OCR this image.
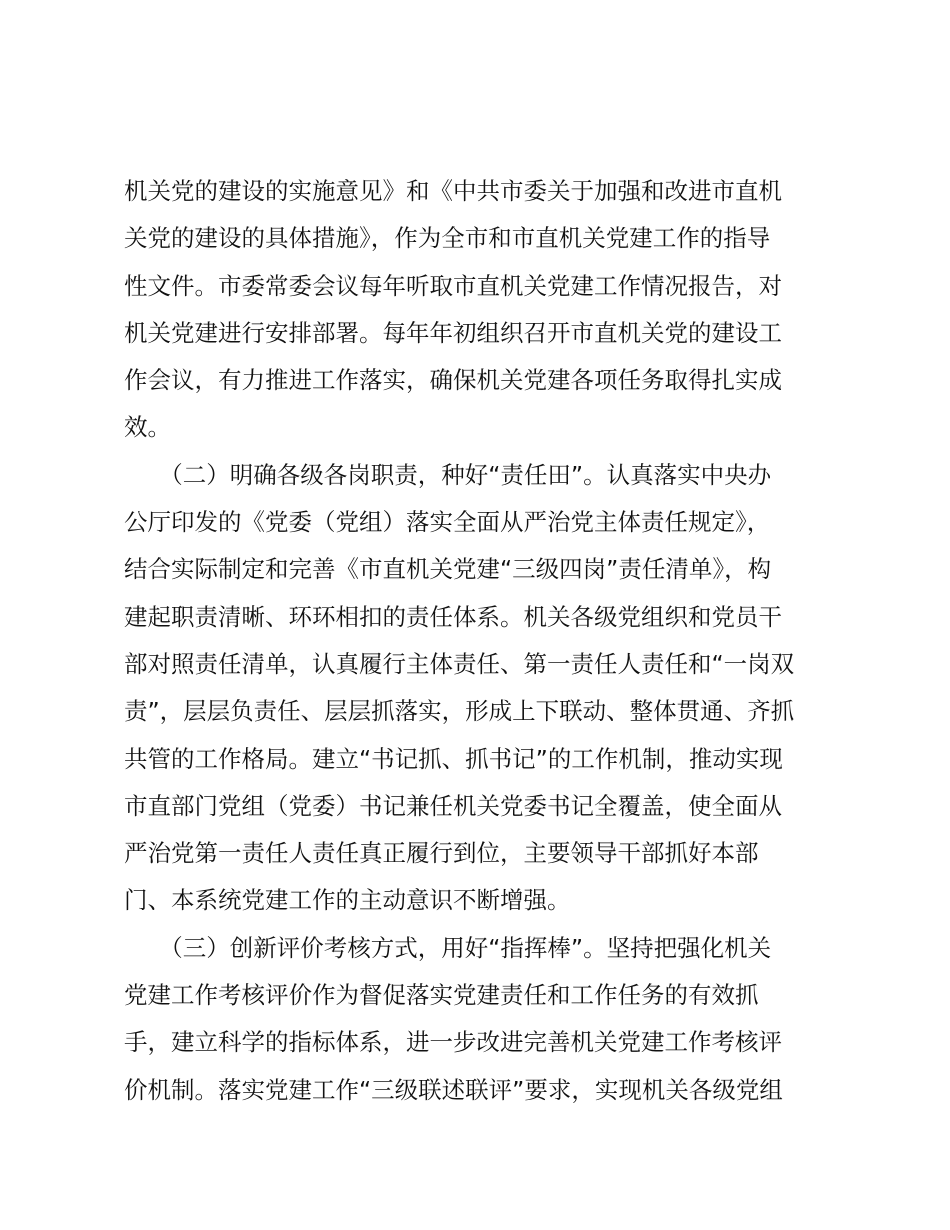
机关党的建设的实施意见》和《中共市委关于加强和改进市直机
关党的建设的具体措施》，作为全市和市直机关党建工作的指导
性文件。市委常委会议每年听取市直机关党建工作情况报告，对
机关党建进行安排部署。每年年初组织召开市直机关党的建设工
作会议，有力推进工作落实，确保机关党建各项任务取得扎实成
效。
　　（二）明确各级各岗职责，种好“责任田”。认真落实中央办
公厅印发的《党委（党组）落实全面从严治党主体责任规定》，
结合实际制定和完善《市直机关党建“三级四岗”责任清单》，构
建起职责清晰、环环相扣的责任体系。机关各级党组织和党员干
部对照责任清单，认真履行主体责任、第一责任人责任和“一岗双
责”，层层负责任、层层抓落实，形成上下联动、整体贯通、齐抓
共管的工作格局。建立“书记抓、抓书记”的工作机制，推动实现
市直部门党组（党委）书记兼任机关党委书记全覆盖，使全面从
严治党第一责任人责任真正履行到位，主要领导干部抓好本部
门、本系统党建工作的主动意识不断增强。
　　（三）创新评价考核方式，用好“指挥棒”。坚持把强化机关
党建工作考核评价作为督促落实党建责任和工作任务的有效抓
手，建立科学的指标体系，进一步改进完善机关党建工作考核评
价机制。落实党建工作“三级联述联评”要求，实现机关各级党组
